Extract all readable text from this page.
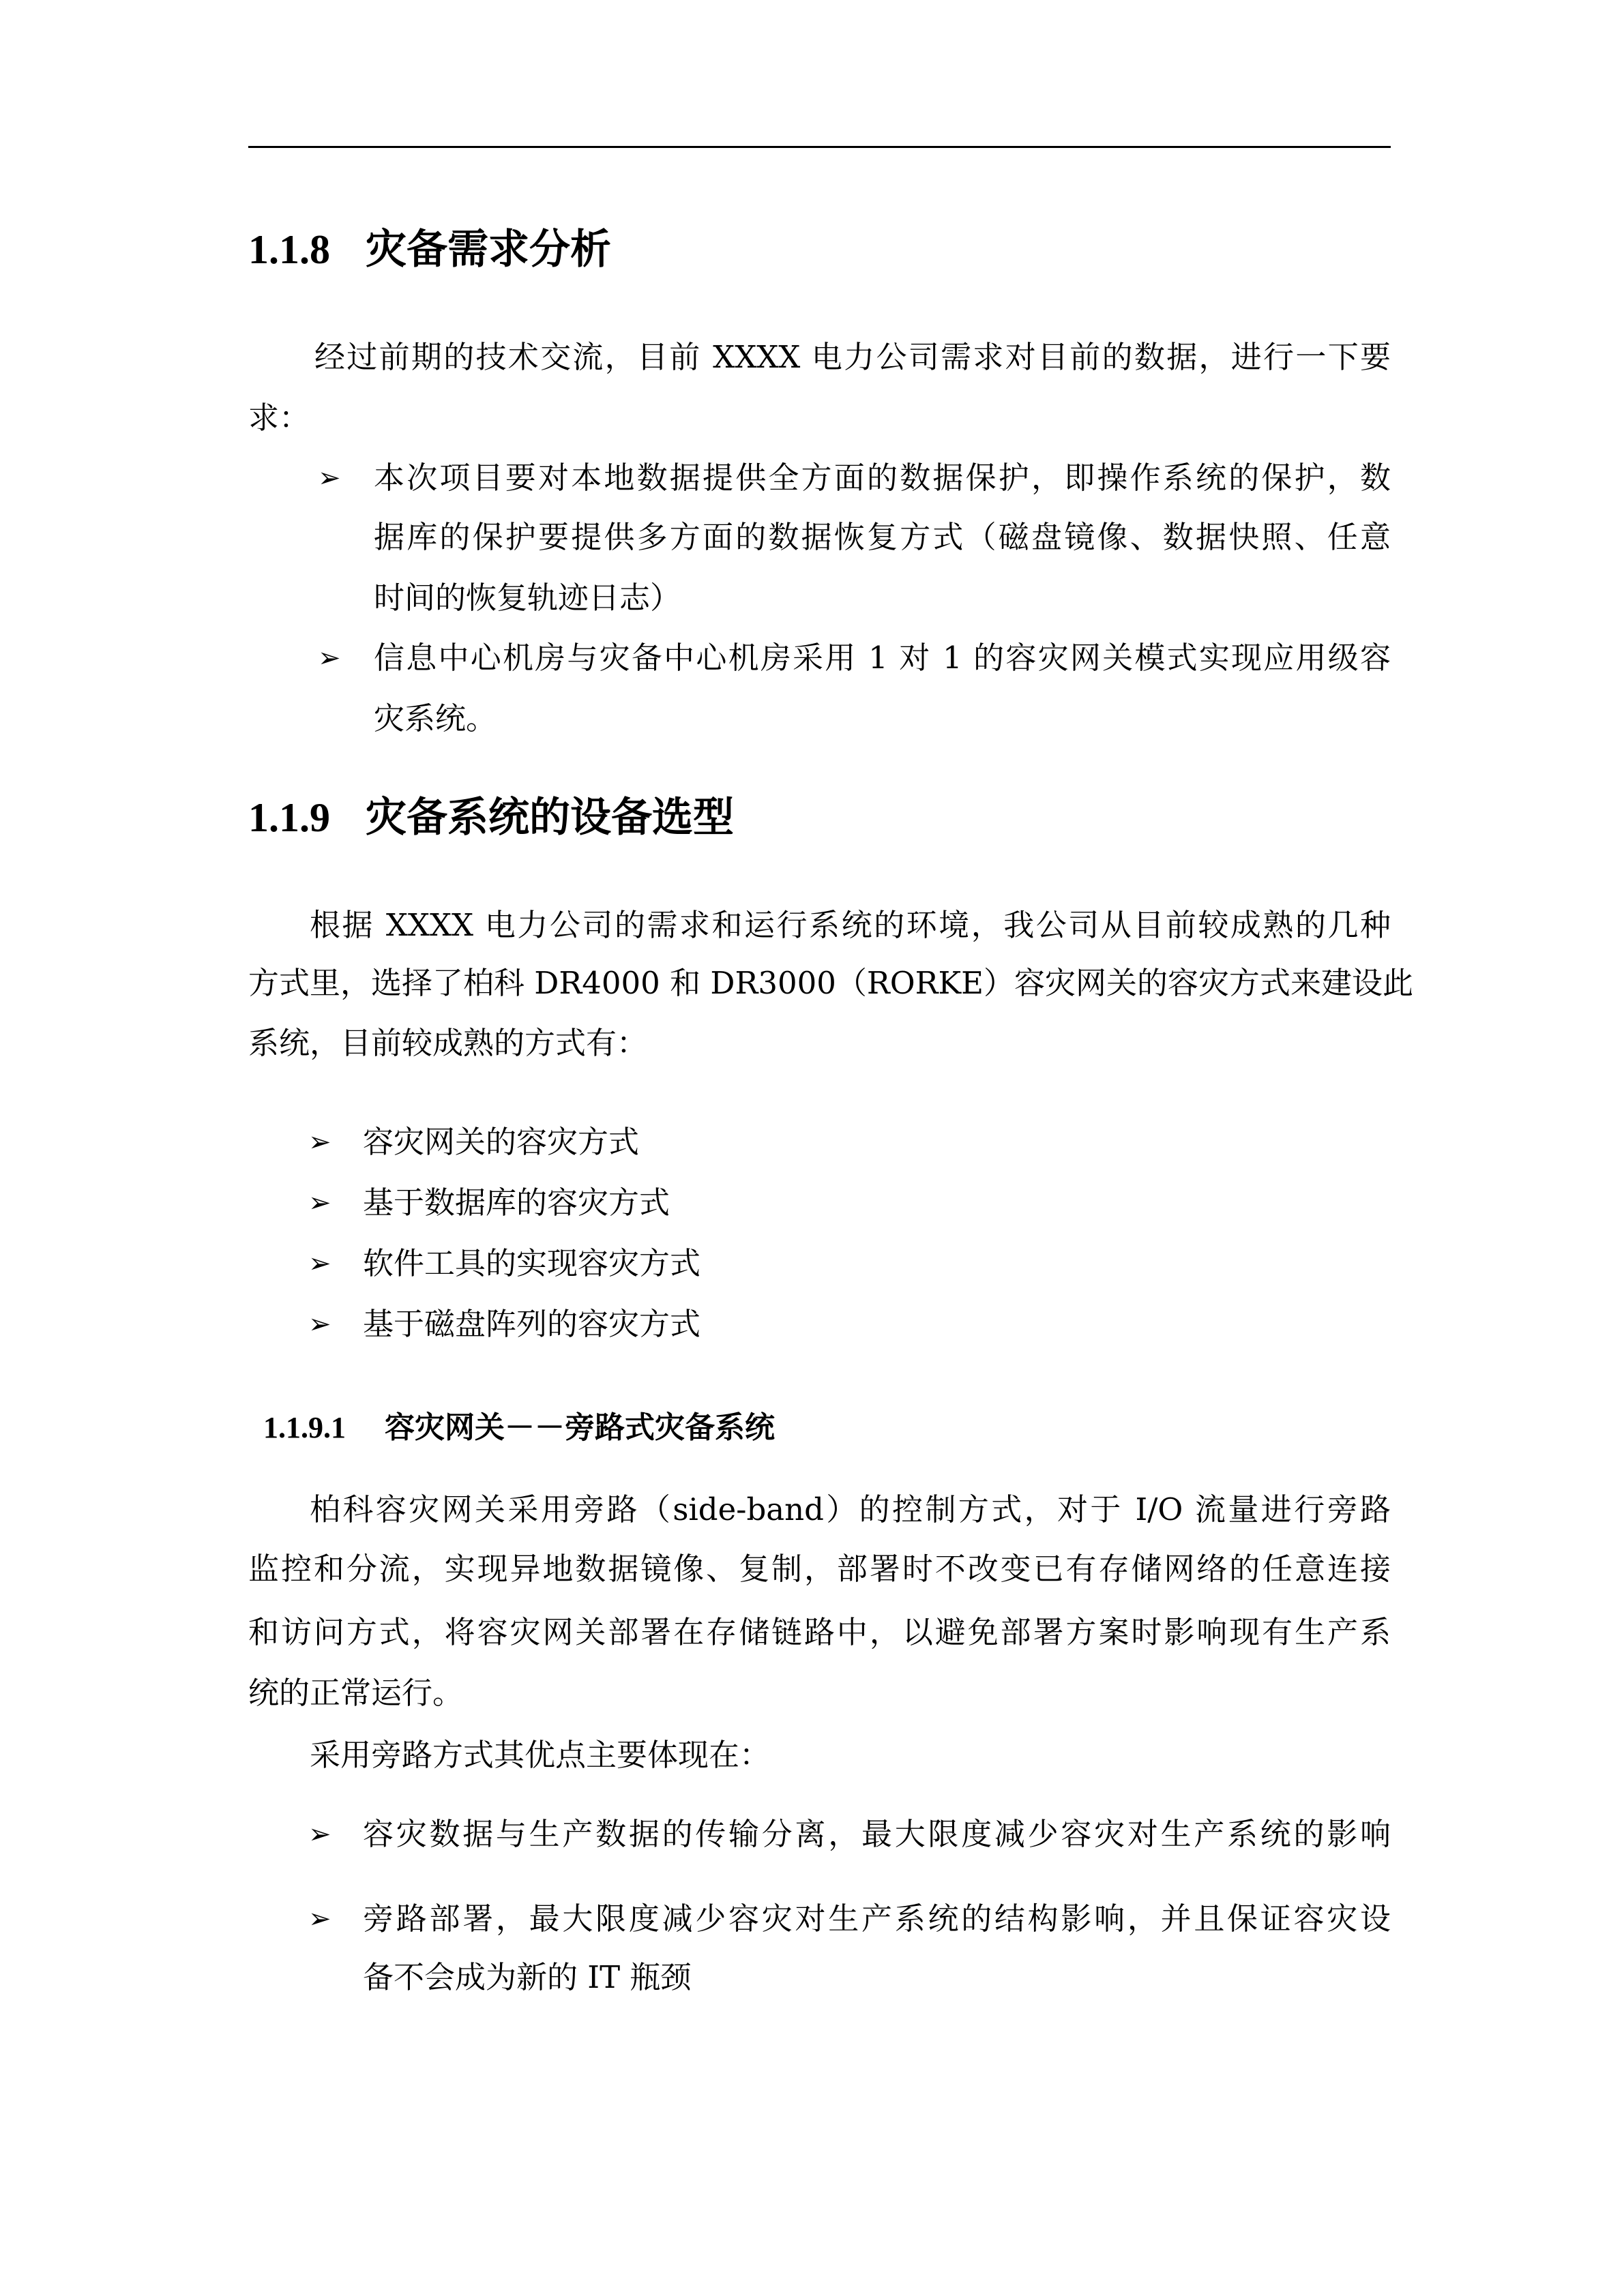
1.1.8 灾备需求分析
经过前期的技术交流，目前 XXXX 电力公司需求对目前的数据，进行一下要
求：
➢ 本次项目要对本地数据提供全方面的数据保护，即操作系统的保护，数
据库的保护要提供多方面的数据恢复方式（磁盘镜像、数据快照、任意
时间的恢复轨迹日志）
➢ 信息中心机房与灾备中心机房采用 1 对 1 的容灾网关模式实现应用级容
灾系统。
1.1.9 灾备系统的设备选型
根据 XXXX 电力公司的需求和运行系统的环境，我公司从目前较成熟的几种
方式里，选择了柏科 DR4000 和 DR3000（RORKE）容灾网关的容灾方式来建设此
系统，目前较成熟的方式有：
➢ 容灾网关的容灾方式
➢ 基于数据库的容灾方式
➢ 软件工具的实现容灾方式
➢ 基于磁盘阵列的容灾方式
1.1.9.1 容灾网关－－旁路式灾备系统
柏科容灾网关采用旁路（side-band）的控制方式，对于 I/O 流量进行旁路
监控和分流，实现异地数据镜像、复制，部署时不改变已有存储网络的任意连接
和访问方式，将容灾网关部署在存储链路中，以避免部署方案时影响现有生产系
统的正常运行。
采用旁路方式其优点主要体现在：
➢ 容灾数据与生产数据的传输分离，最大限度减少容灾对生产系统的影响
➢ 旁路部署，最大限度减少容灾对生产系统的结构影响，并且保证容灾设
备不会成为新的 IT 瓶颈
